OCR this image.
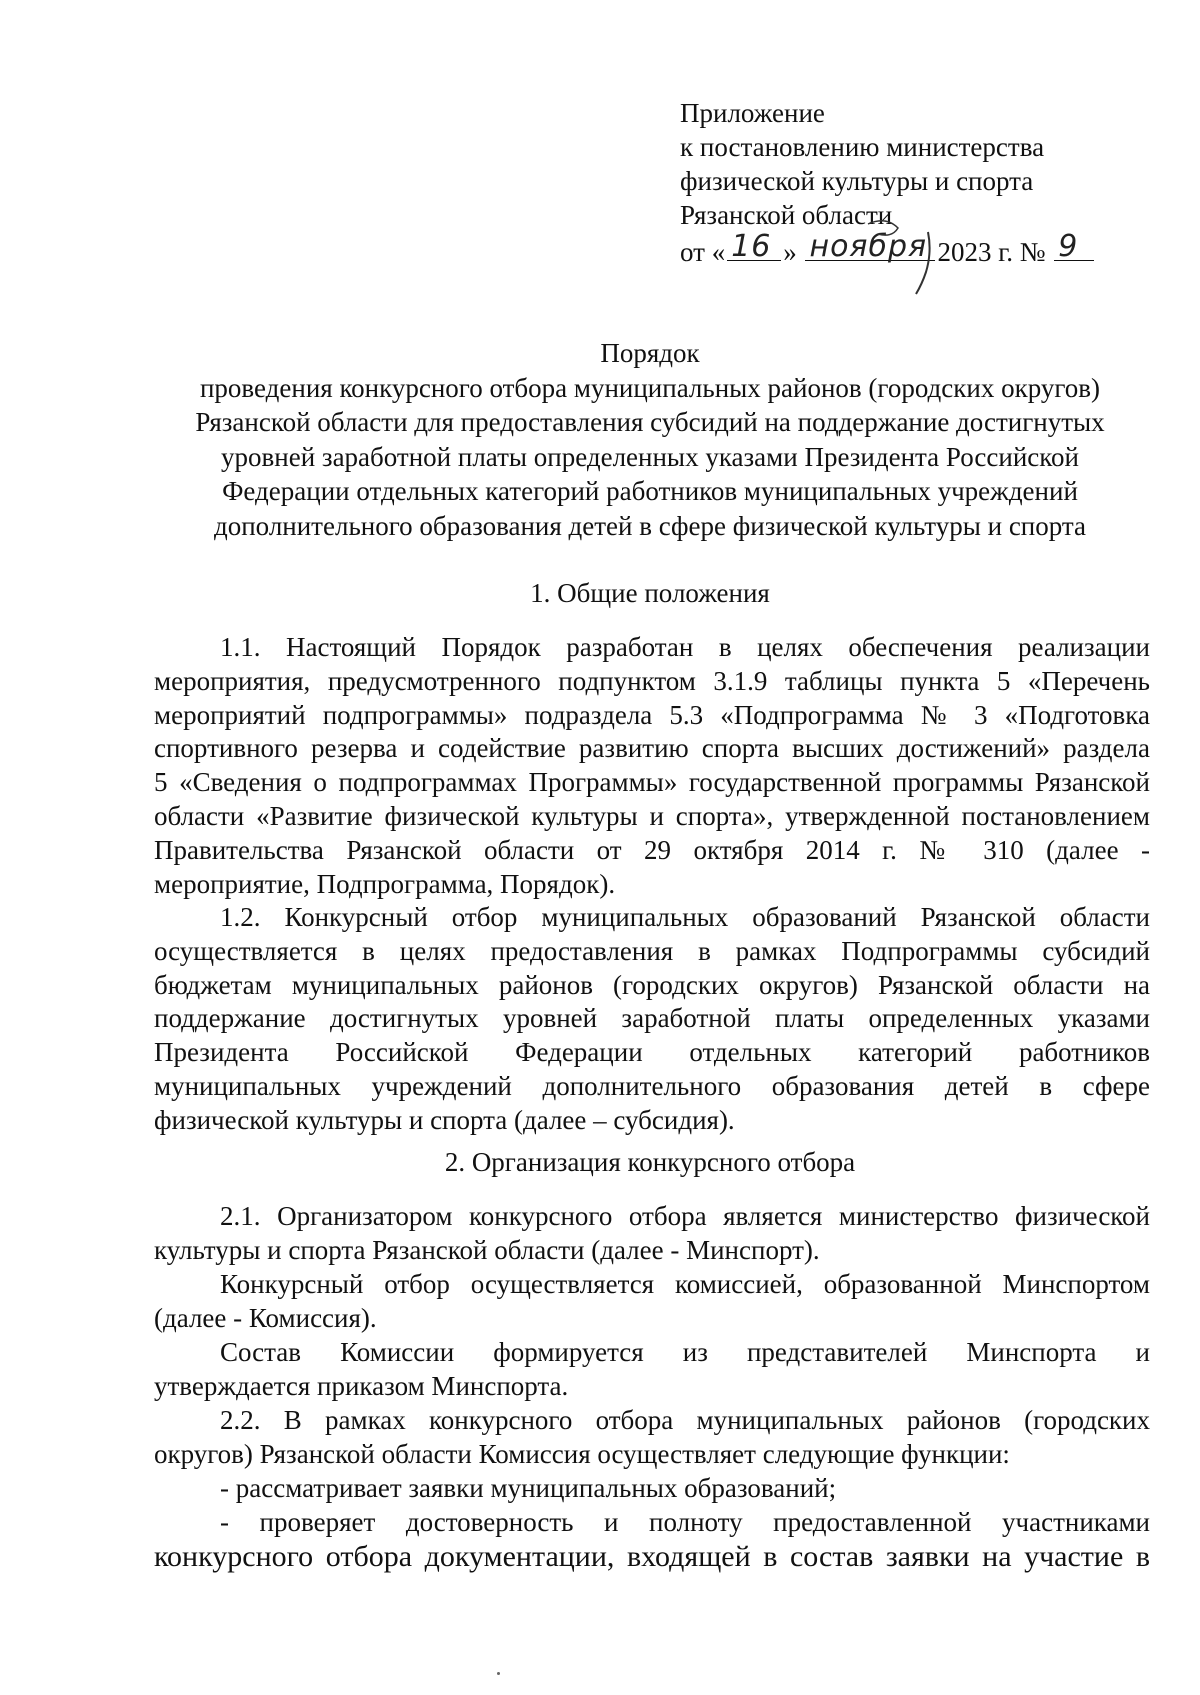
Приложение
к постановлению министерства
физической культуры и спорта
Рязанской области
от « 16 » ноября 2023 г. № 9
Порядок
проведения конкурсного отбора муниципальных районов (городских округов)
Рязанской области для предоставления субсидий на поддержание достигнутых
уровней заработной платы определенных указами Президента Российской
Федерации отдельных категорий работников муниципальных учреждений
дополнительного образования детей в сфере физической культуры и спорта
1. Общие положения
1.1. Настоящий Порядок разработан в целях обеспечения реализации
мероприятия, предусмотренного подпунктом 3.1.9 таблицы пункта 5 «Перечень
мероприятий подпрограммы» подраздела 5.3 «Подпрограмма № 3 «Подготовка
спортивного резерва и содействие развитию спорта высших достижений» раздела
5 «Сведения о подпрограммах Программы» государственной программы Рязанской
области «Развитие физической культуры и спорта», утвержденной постановлением
Правительства Рязанской области от 29 октября 2014 г. № 310 (далее -
мероприятие, Подпрограмма, Порядок).
1.2. Конкурсный отбор муниципальных образований Рязанской области
осуществляется в целях предоставления в рамках Подпрограммы субсидий
бюджетам муниципальных районов (городских округов) Рязанской области на
поддержание достигнутых уровней заработной платы определенных указами
Президента Российской Федерации отдельных категорий работников
муниципальных учреждений дополнительного образования детей в сфере
физической культуры и спорта (далее – субсидия).
2. Организация конкурсного отбора
2.1. Организатором конкурсного отбора является министерство физической
культуры и спорта Рязанской области (далее - Минспорт).
Конкурсный отбор осуществляется комиссией, образованной Минспортом
(далее - Комиссия).
Состав Комиссии формируется из представителей Минспорта и
утверждается приказом Минспорта.
2.2. В рамках конкурсного отбора муниципальных районов (городских
округов) Рязанской области Комиссия осуществляет следующие функции:
- рассматривает заявки муниципальных образований;
- проверяет достоверность и полноту предоставленной участниками
конкурсного отбора документации, входящей в состав заявки на участие в
